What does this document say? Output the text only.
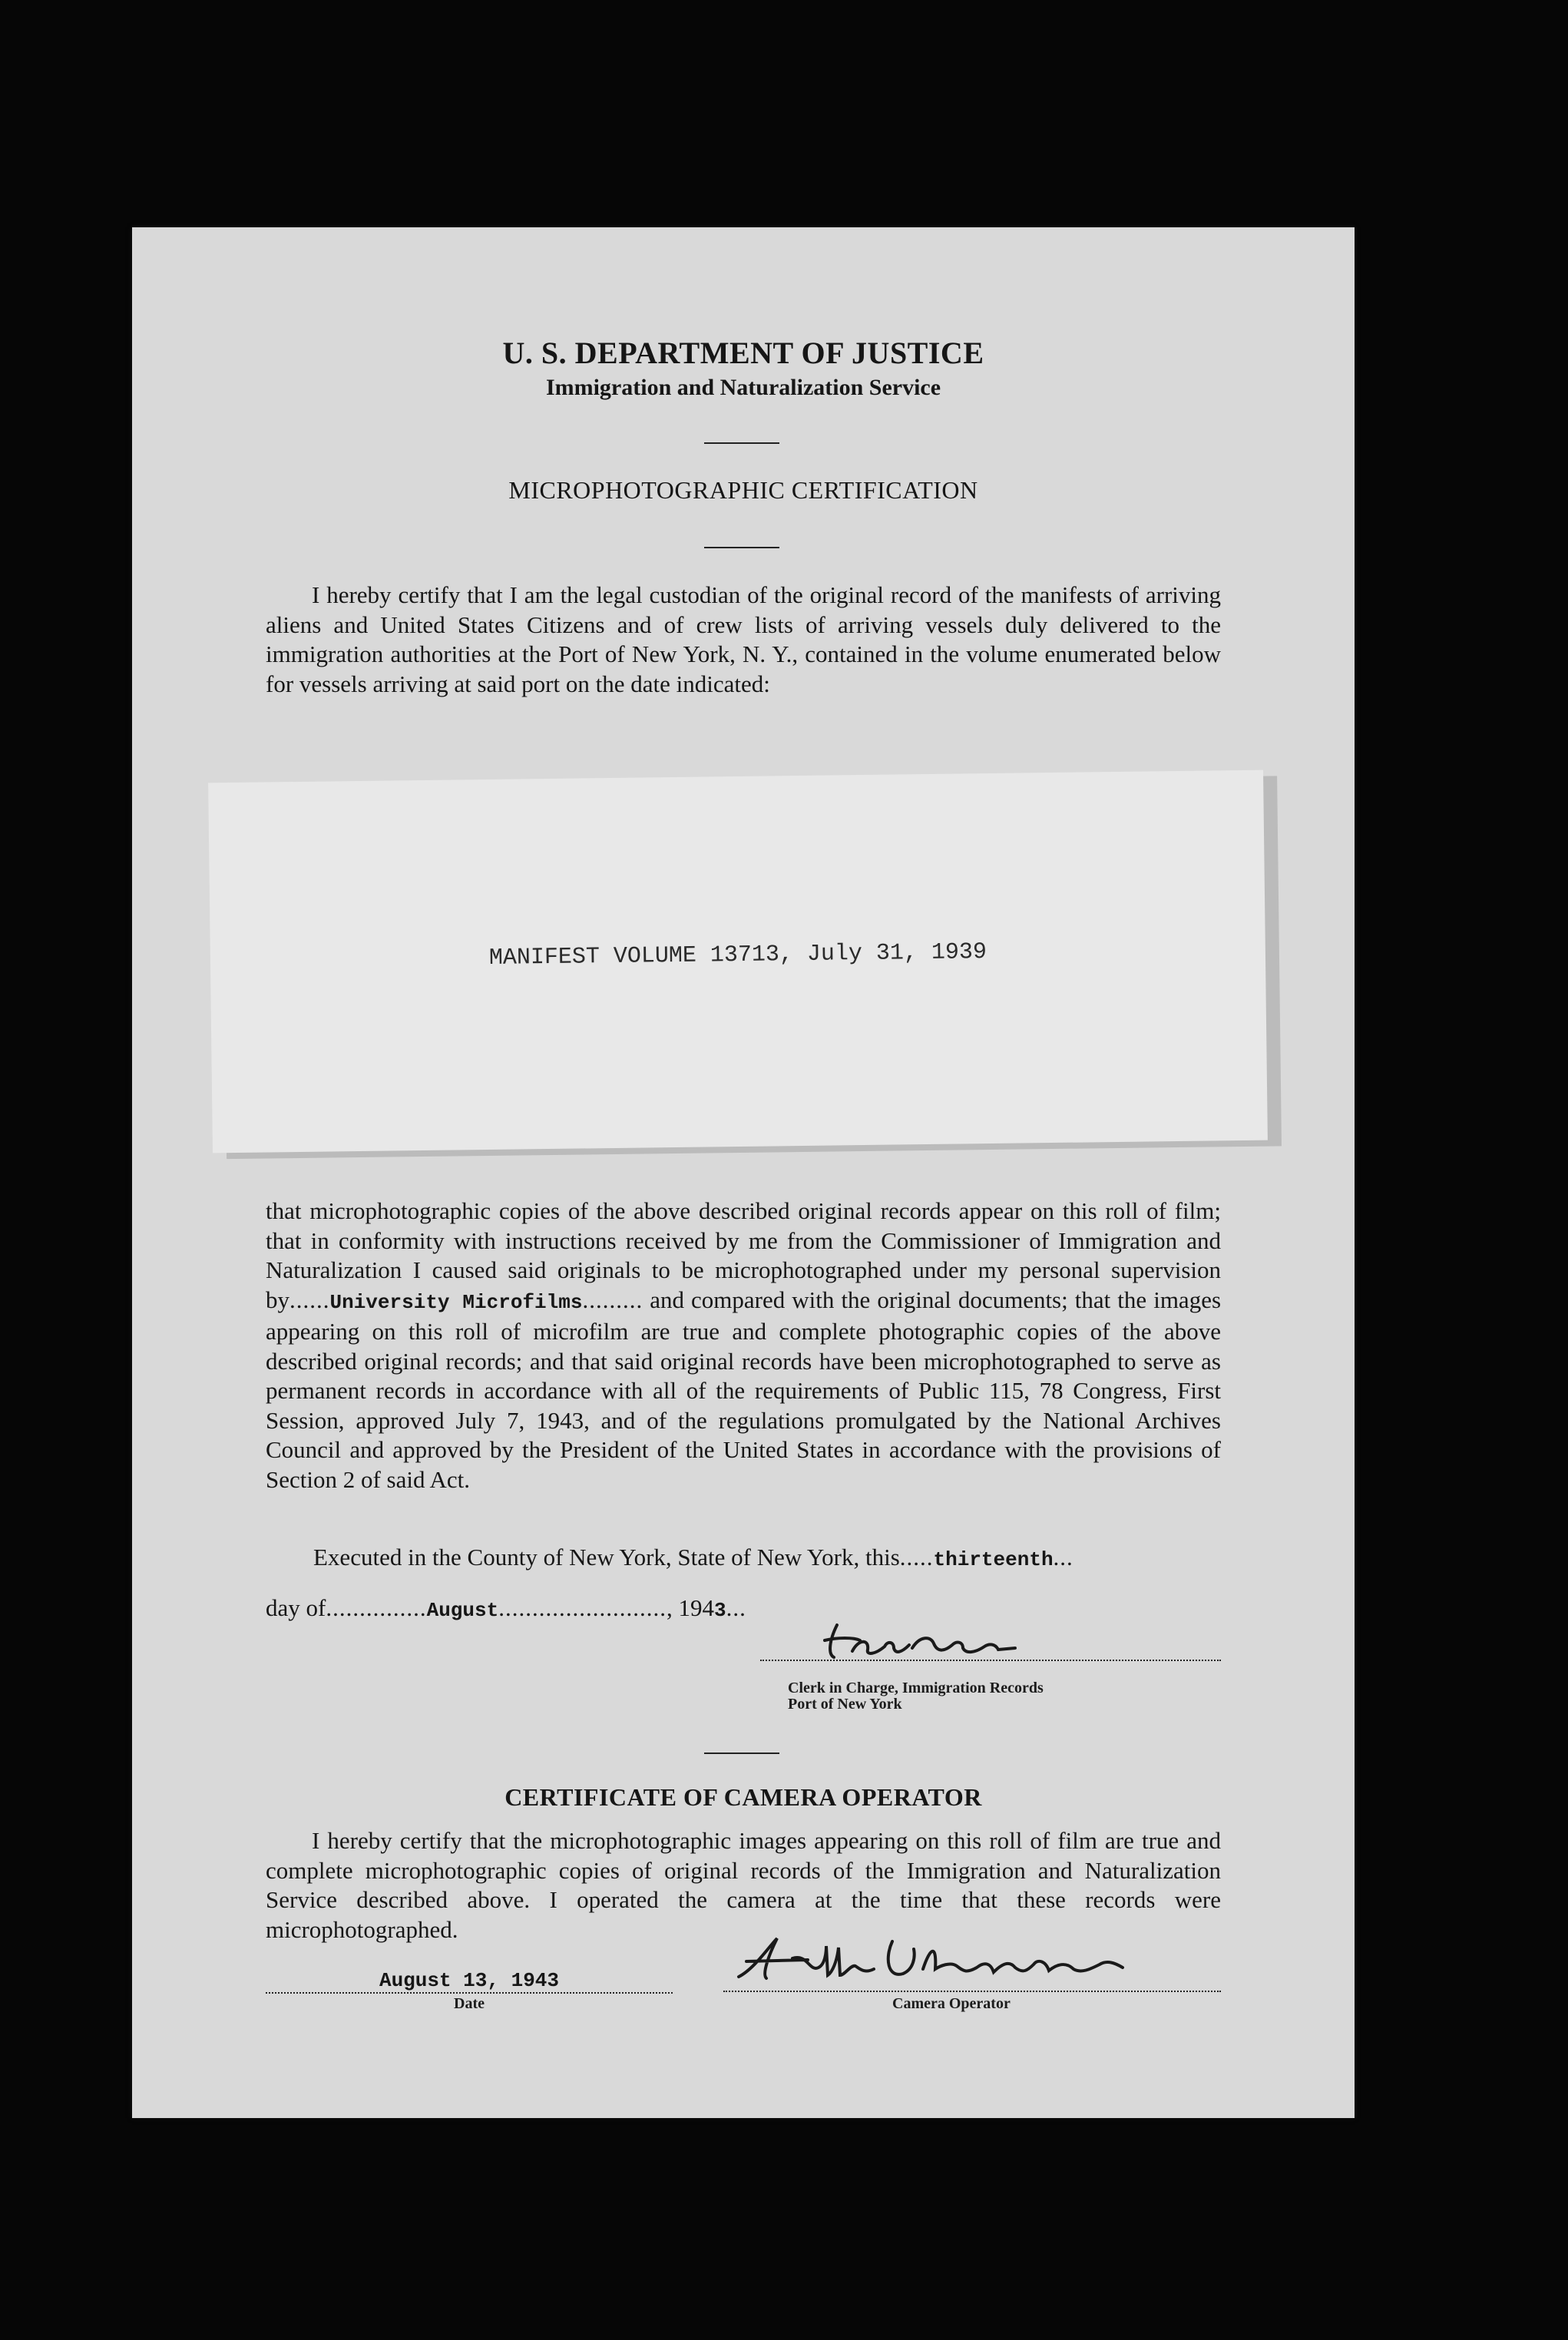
U. S. DEPARTMENT OF JUSTICE
Immigration and Naturalization Service
MICROPHOTOGRAPHIC CERTIFICATION
I hereby certify that I am the legal custodian of the original record of the manifests of arriving aliens and United States Citizens and of crew lists of arriving vessels duly delivered to the immigration authorities at the Port of New York, N. Y., contained in the volume enumerated below for vessels arriving at said port on the date indicated:
MANIFEST VOLUME 13713, July 31, 1939
that microphotographic copies of the above described original records appear on this roll of film; that in conformity with instructions received by me from the Commissioner of Immigration and Naturalization I caused said originals to be microphotographed under my personal supervision by......University Microfilms......... and compared with the original documents; that the images appearing on this roll of microfilm are true and complete photographic copies of the above described original records; and that said original records have been microphotographed to serve as permanent records in accordance with all of the requirements of Public 115, 78 Congress, First Session, approved July 7, 1943, and of the regulations promulgated by the National Archives Council and approved by the President of the United States in accordance with the provisions of Section 2 of said Act.
Executed in the County of New York, State of New York, this.....thirteenth...
day of...............August........................., 1943...
Clerk in Charge, Immigration Records
Port of New York
CERTIFICATE OF CAMERA OPERATOR
I hereby certify that the microphotographic images appearing on this roll of film are true and complete microphotographic copies of original records of the Immigration and Naturalization Service described above. I operated the camera at the time that these records were microphotographed.
August 13, 1943
Date	Camera Operator
